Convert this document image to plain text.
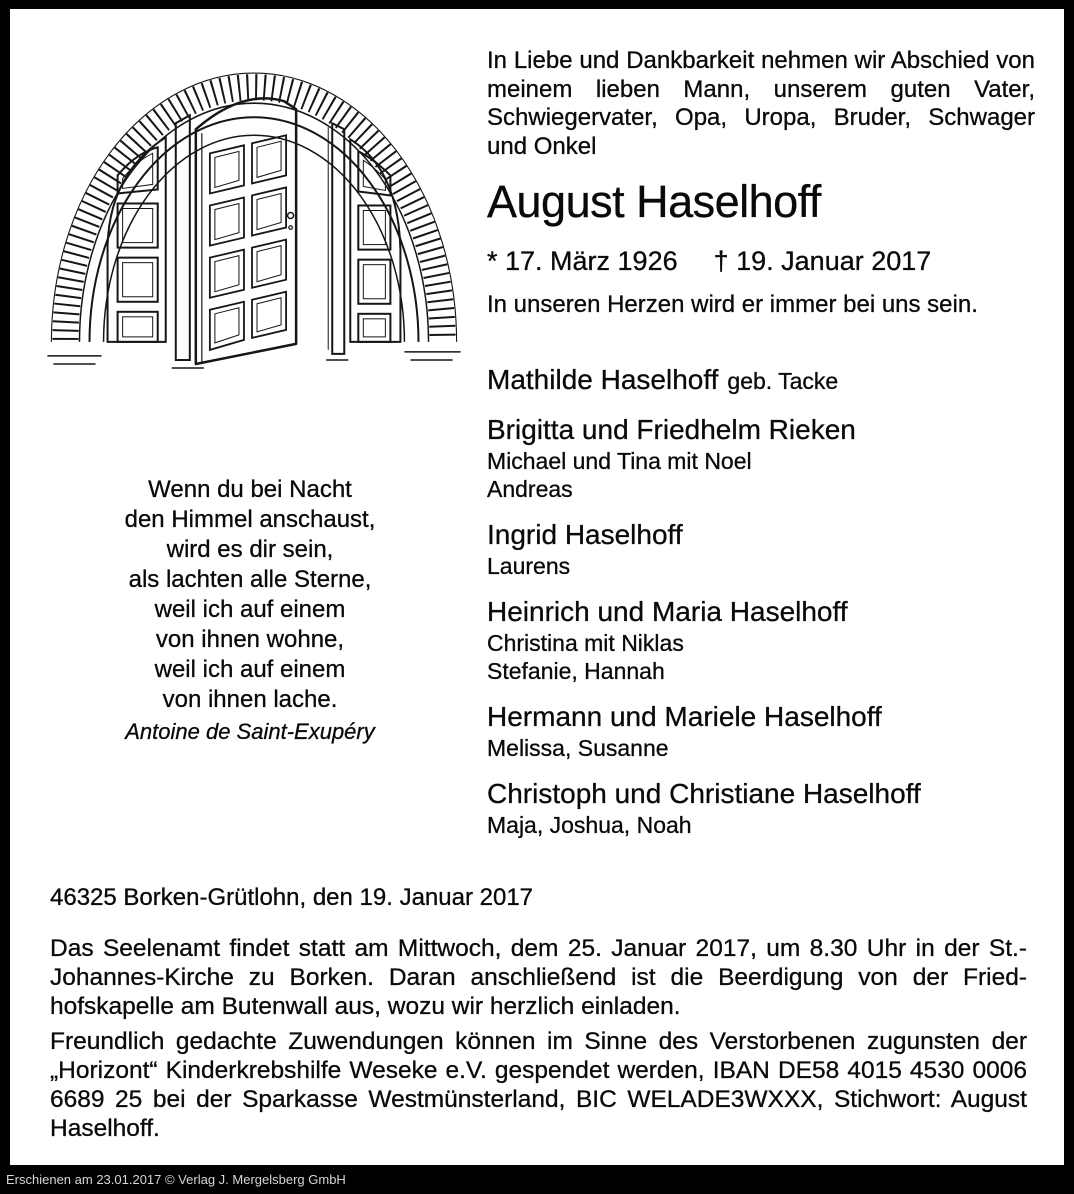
In Liebe und Dankbarkeit nehmen wir Abschied von meinem lieben Mann, unserem guten Vater, Schwiegervater, Opa, Uropa, Bruder, Schwager und Onkel
August Haselhoff
* 17. März 1926 † 19. Januar 2017
In unseren Herzen wird er immer bei uns sein.
Mathilde Haselhoff geb. Tacke
Brigitta und Friedhelm Rieken
Michael und Tina mit Noel
Andreas
Ingrid Haselhoff
Laurens
Heinrich und Maria Haselhoff
Christina mit Niklas
Stefanie, Hannah
Hermann und Mariele Haselhoff
Melissa, Susanne
Christoph und Christiane Haselhoff
Maja, Joshua, Noah
Wenn du bei Nacht
den Himmel anschaust,
wird es dir sein,
als lachten alle Sterne,
weil ich auf einem
von ihnen wohne,
weil ich auf einem
von ihnen lache.
Antoine de Saint-Exupéry
46325 Borken-Grütlohn, den 19. Januar 2017
Das Seelenamt findet statt am Mittwoch, dem 25. Januar 2017, um 8.30 Uhr in der St.-Johannes-Kirche zu Borken. Daran anschließend ist die Beerdigung von der Friedhofskapelle am Butenwall aus, wozu wir herzlich einladen.
Freundlich gedachte Zuwendungen können im Sinne des Verstorbenen zugunsten der „Horizont“ Kinderkrebshilfe Weseke e.V. gespendet werden, IBAN DE58 4015 4530 0006 6689 25 bei der Sparkasse Westmünsterland, BIC WELADE3WXXX, Stichwort: August Haselhoff.
Erschienen am 23.01.2017 © Verlag J. Mergelsberg GmbH
